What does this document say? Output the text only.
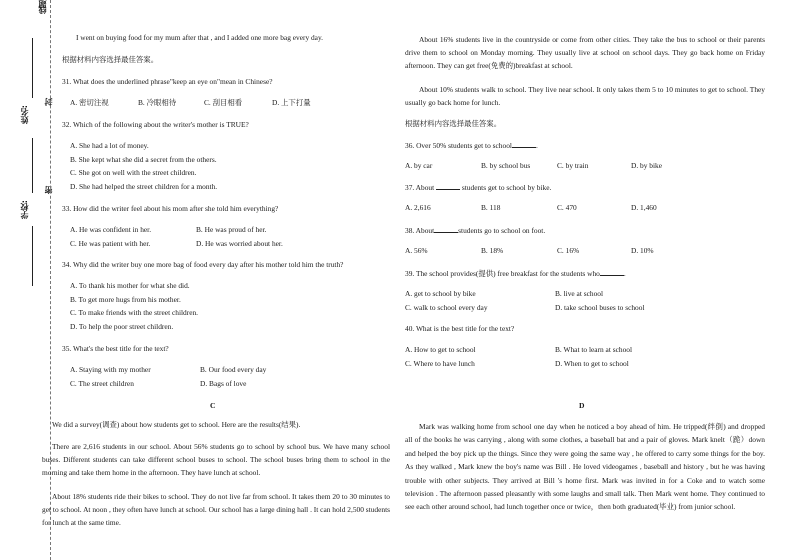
题
线
姓名:
封
密
学校:
I went on buying food for my mum after that , and I added one more bag every day.
根据材料内容选择最佳答案。
31. What does the underlined phrase"keep an eye on"mean in Chinese?
A. 密切注视	B. 冷眼相待	C. 刮目相看	D. 上下打量
32. Which of the following about the writer's mother is TRUE?
A. She had a lot of money.
B. She kept what she did a secret from the others.
C. She got on well with the street children.
D. She had helped the street children for a month.
33. How did the writer feel about his mom after she told him everything?
A. He was confident in her.	B. He was proud of her.
C. He was patient with her.	D. He was worried about her.
34. Why did the writer buy one more bag of food every day after his mother told him the truth?
A. To thank his mother for what she did.
B. To get more hugs from his mother.
C. To make friends with the street children.
D. To help the poor street children.
35. What's the best title for the text?
A. Staying with my mother	B. Our food every day
C. The street children	D. Bags of love
C
We did a survey(调查) about how students get to school. Here are the results(结果).
There are 2,616 students in our school. About 56% students go to school by school bus. We have many school buses. Different students can take different school buses to school. The school buses bring them to school in the morning and take them home in the afternoon. They have lunch at school.
About 18% students ride their bikes to school. They do not live far from school. It takes them 20 to 30 minutes to get to school. At noon , they often have lunch at school. Our school has a large dining hall . It can hold 2,500 students for lunch at the same time.
About 16% students live in the countryside or come from other cities. They take the bus to school or their parents drive them to school on Monday morning. They usually live at school on school days. They go back home on Friday afternoon. They can get free(免费的)breakfast at school.
About 10% students walk to school. They live near school. It only takes them 5 to 10 minutes to get to school. They usually go back home for lunch.
根据材料内容选择最佳答案。
36. Over 50% students get to school	.
A. by car	B. by school bus	C. by train	D. by bike
37. About	students get to school by bike.
A. 2,616	B. 118	C. 470	D. 1,460
38. About	students go to school on foot.
A. 56%	B. 18%	C. 16%	D. 10%
39. The school provides(提供) free breakfast for the students who	.
A. get to school by bike	B. live at school
C. walk to school every day	D. take school buses to school
40. What is the best title for the text?
A. How to get to school	B. What to learn at school
C. Where to have lunch	D. When to get to school
D
Mark was walking home from school one day when he noticed a boy ahead of him. He tripped(绊倒) and dropped all of the books he was carrying , along with some clothes, a baseball bat and a pair of gloves. Mark knelt（跪）down and helped the boy pick up the things. Since they were going the same way , he offered to carry some things for the boy. As they walked , Mark knew the boy's name was Bill . He loved videogames , baseball and history , but he was having trouble with other subjects. They arrived at Bill 's home first. Mark was invited in for a Coke and to watch some television . The afternoon passed pleasantly with some laughs and small talk. Then Mark went home. They continued to see each other around school, had lunch together once or twice，then both graduated(毕业) from junior school.
